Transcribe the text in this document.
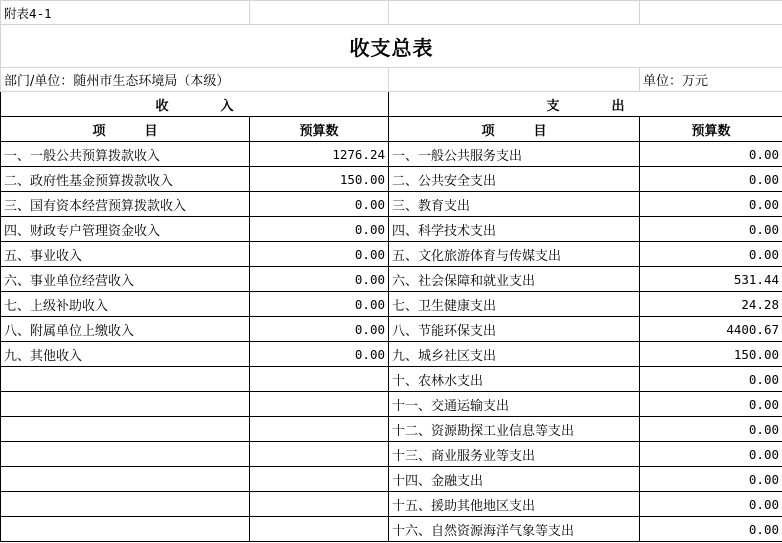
附表4-1			
收支总表			
部门/单位：随州市生态环境局（本级）			单位：万元
收　　　　入		支　　　　出	
项　　　目	预算数	项　　　目	预算数
一、一般公共预算拨款收入	1276.24	一、一般公共服务支出	0.00
二、政府性基金预算拨款收入	150.00	二、公共安全支出	0.00
三、国有资本经营预算拨款收入	0.00	三、教育支出	0.00
四、财政专户管理资金收入	0.00	四、科学技术支出	0.00
五、事业收入	0.00	五、文化旅游体育与传媒支出	0.00
六、事业单位经营收入	0.00	六、社会保障和就业支出	531.44
七、上级补助收入	0.00	七、卫生健康支出	24.28
八、附属单位上缴收入	0.00	八、节能环保支出	4400.67
九、其他收入	0.00	九、城乡社区支出	150.00
		十、农林水支出	0.00
		十一、交通运输支出	0.00
		十二、资源勘探工业信息等支出	0.00
		十三、商业服务业等支出	0.00
		十四、金融支出	0.00
		十五、援助其他地区支出	0.00
		十六、自然资源海洋气象等支出	0.00
